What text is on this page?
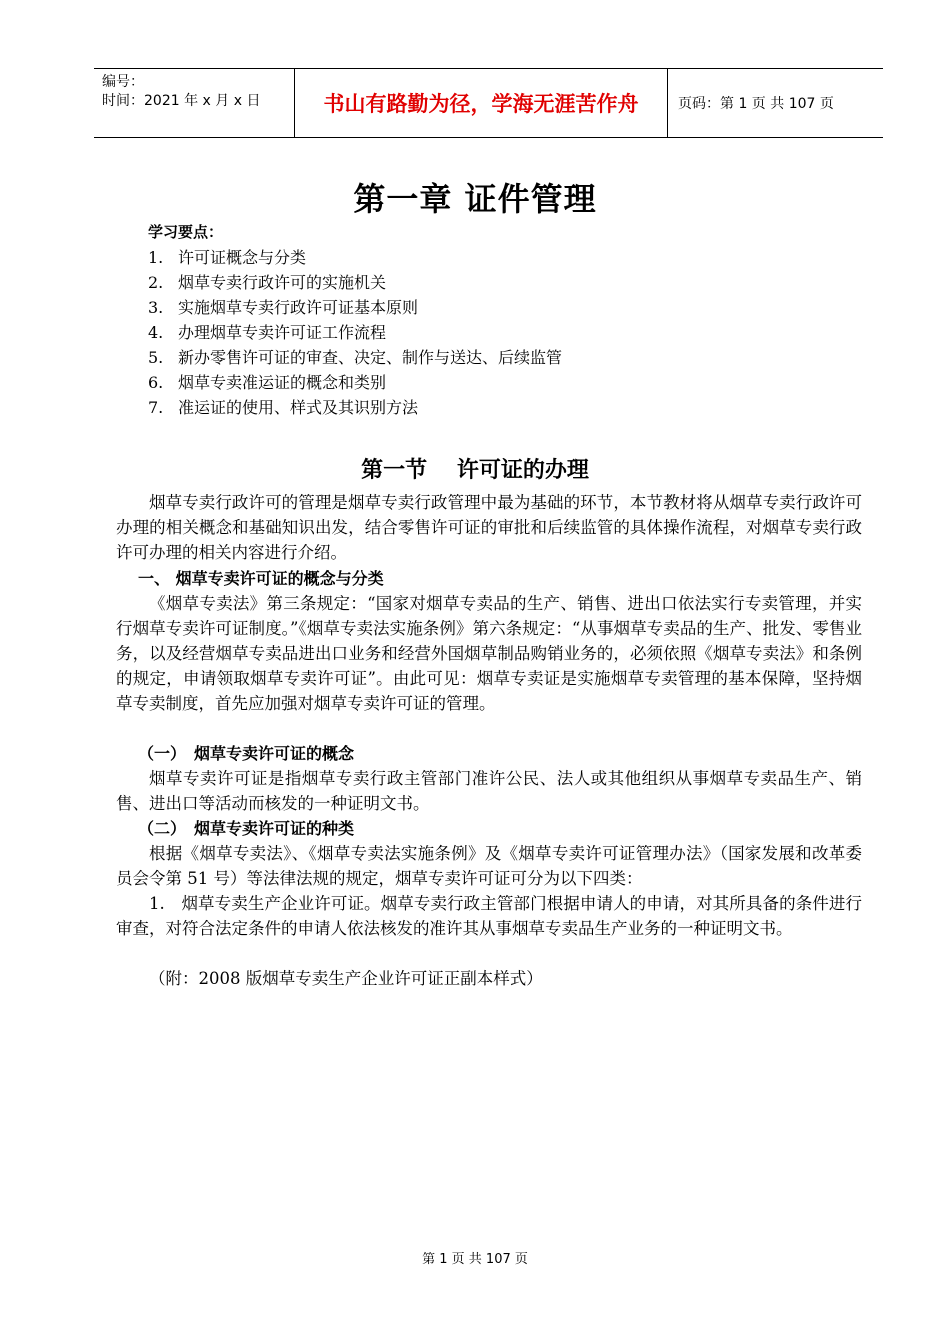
编号：
时间：2021 年 x 月 x 日	书山有路勤为径，学海无涯苦作舟	页码：第 1 页 共 107 页
第一章 证件管理
学习要点：
1. 许可证概念与分类
2. 烟草专卖行政许可的实施机关
3. 实施烟草专卖行政许可证基本原则
4. 办理烟草专卖许可证工作流程
5. 新办零售许可证的审查、决定、制作与送达、后续监管
6. 烟草专卖准运证的概念和类别
7. 准运证的使用、样式及其识别方法
第一节　 许可证的办理
烟草专卖行政许可的管理是烟草专卖行政管理中最为基础的环节，本节教材将从烟草专卖行政许可办理的相关概念和基础知识出发，结合零售许可证的审批和后续监管的具体操作流程，对烟草专卖行政许可办理的相关内容进行介绍。
一、 烟草专卖许可证的概念与分类
《烟草专卖法》第三条规定：“国家对烟草专卖品的生产、销售、进出口依法实行专卖管理，并实行烟草专卖许可证制度。”《烟草专卖法实施条例》第六条规定：“从事烟草专卖品的生产、批发、零售业务，以及经营烟草专卖品进出口业务和经营外国烟草制品购销业务的，必须依照《烟草专卖法》和条例的规定，申请领取烟草专卖许可证”。由此可见：烟草专卖证是实施烟草专卖管理的基本保障，坚持烟草专卖制度，首先应加强对烟草专卖许可证的管理。
（一）　烟草专卖许可证的概念
烟草专卖许可证是指烟草专卖行政主管部门准许公民、法人或其他组织从事烟草专卖品生产、销售、进出口等活动而核发的一种证明文书。
（二）　烟草专卖许可证的种类
根据《烟草专卖法》、《烟草专卖法实施条例》及《烟草专卖许可证管理办法》（国家发展和改革委员会令第 51 号）等法律法规的规定，烟草专卖许可证可分为以下四类：
1.　烟草专卖生产企业许可证。烟草专卖行政主管部门根据申请人的申请，对其所具备的条件进行审查，对符合法定条件的申请人依法核发的准许其从事烟草专卖品生产业务的一种证明文书。
（附：2008 版烟草专卖生产企业许可证正副本样式）
第 1 页 共 107 页
